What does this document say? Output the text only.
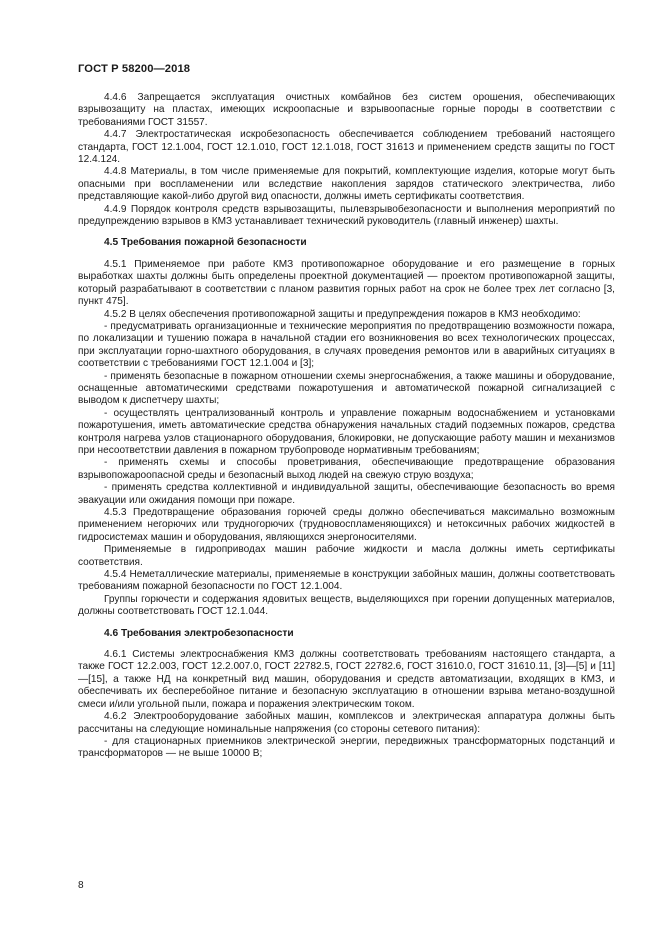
ГОСТ Р 58200—2018

4.4.6 Запрещается эксплуатация очистных комбайнов без систем орошения, обеспечивающих взрывозащиту на пластах, имеющих искроопасные и взрывоопасные горные породы в соответствии с требованиями ГОСТ 31557.

4.4.7 Электростатическая искробезопасность обеспечивается соблюдением требований настоящего стандарта, ГОСТ 12.1.004, ГОСТ 12.1.010, ГОСТ 12.1.018, ГОСТ 31613 и применением средств защиты по ГОСТ 12.4.124.

4.4.8 Материалы, в том числе применяемые для покрытий, комплектующие изделия, которые могут быть опасными при воспламенении или вследствие накопления зарядов статического электричества, либо представляющие какой-либо другой вид опасности, должны иметь сертификаты соответствия.

4.4.9 Порядок контроля средств взрывозащиты, пылевзрывобезопасности и выполнения мероприятий по предупреждению взрывов в КМЗ устанавливает технический руководитель (главный инженер) шахты.

4.5 Требования пожарной безопасности

4.5.1 Применяемое при работе КМЗ противопожарное оборудование и его размещение в горных выработках шахты должны быть определены проектной документацией — проектом противопожарной защиты, который разрабатывают в соответствии с планом развития горных работ на срок не более трех лет согласно [3, пункт 475].

4.5.2 В целях обеспечения противопожарной защиты и предупреждения пожаров в КМЗ необходимо:

- предусматривать организационные и технические мероприятия по предотвращению возможности пожара, по локализации и тушению пожара в начальной стадии его возникновения во всех технологических процессах, при эксплуатации горно-шахтного оборудования, в случаях проведения ремонтов или в аварийных ситуациях в соответствии с требованиями ГОСТ 12.1.004 и [3];

- применять безопасные в пожарном отношении схемы энергоснабжения, а также машины и оборудование, оснащенные автоматическими средствами пожаротушения и автоматической пожарной сигнализацией с выводом к диспетчеру шахты;

- осуществлять централизованный контроль и управление пожарным водоснабжением и установками пожаротушения, иметь автоматические средства обнаружения начальных стадий подземных пожаров, средства контроля нагрева узлов стационарного оборудования, блокировки, не допускающие работу машин и механизмов при несоответствии давления в пожарном трубопроводе нормативным требованиям;

- применять схемы и способы проветривания, обеспечивающие предотвращение образования взрывопожароопасной среды и безопасный выход людей на свежую струю воздуха;

- применять средства коллективной и индивидуальной защиты, обеспечивающие безопасность во время эвакуации или ожидания помощи при пожаре.

4.5.3 Предотвращение образования горючей среды должно обеспечиваться максимально возможным применением негорючих или трудногорючих (трудновоспламеняющихся) и нетоксичных рабочих жидкостей в гидросистемах машин и оборудования, являющихся энергоносителями.

Применяемые в гидроприводах машин рабочие жидкости и масла должны иметь сертификаты соответствия.

4.5.4 Неметаллические материалы, применяемые в конструкции забойных машин, должны соответствовать требованиям пожарной безопасности по ГОСТ 12.1.004.

Группы горючести и содержания ядовитых веществ, выделяющихся при горении допущенных материалов, должны соответствовать ГОСТ 12.1.044.

4.6 Требования электробезопасности

4.6.1 Системы электроснабжения КМЗ должны соответствовать требованиям настоящего стандарта, а также ГОСТ 12.2.003, ГОСТ 12.2.007.0, ГОСТ 22782.5, ГОСТ 22782.6, ГОСТ 31610.0, ГОСТ 31610.11, [3]—[5] и [11]—[15], а также НД на конкретный вид машин, оборудования и средств автоматизации, входящих в КМЗ, и обеспечивать их бесперебойное питание и безопасную эксплуатацию в отношении взрыва метано-воздушной смеси и/или угольной пыли, пожара и поражения электрическим током.

4.6.2 Электрооборудование забойных машин, комплексов и электрическая аппаратура должны быть рассчитаны на следующие номинальные напряжения (со стороны сетевого питания):

- для стационарных приемников электрической энергии, передвижных трансформаторных подстанций и трансформаторов — не выше 10000 В;

8
